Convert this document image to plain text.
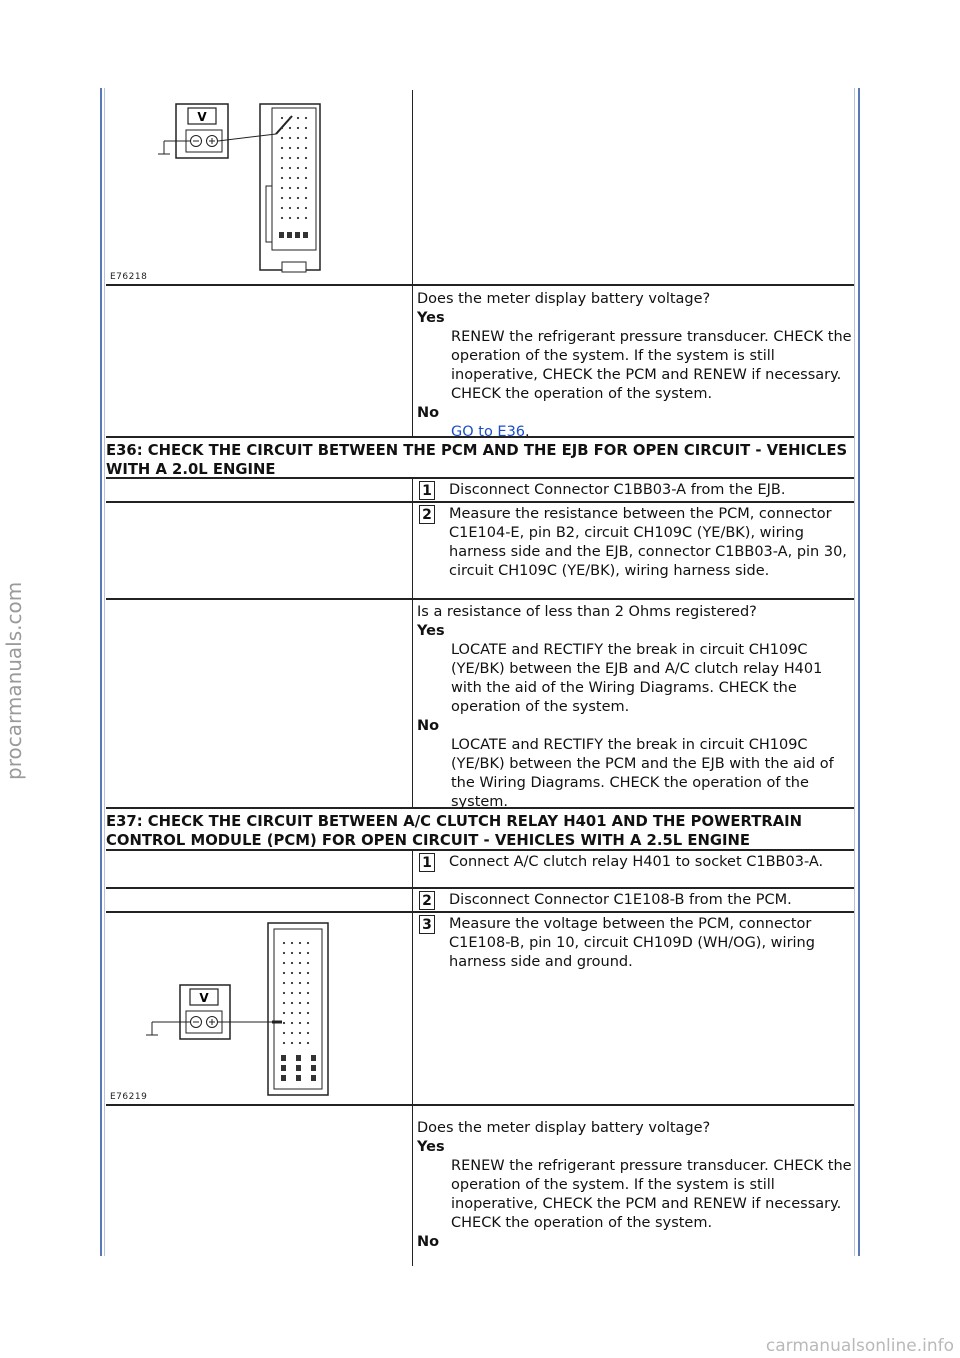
procarmanuals.com
carmanualsonline.info
V
E76218
Does the meter display battery voltage?
Yes
RENEW the refrigerant pressure transducer. CHECK the operation of the system. If the system is still inoperative, CHECK the PCM and RENEW if necessary. CHECK the operation of the system.
No
GO to E36.
E36: CHECK THE CIRCUIT BETWEEN THE PCM AND THE EJB FOR OPEN CIRCUIT - VEHICLES WITH A 2.0L ENGINE
1 Disconnect Connector C1BB03-A from the EJB.
2 Measure the resistance between the PCM, connector C1E104-E, pin B2, circuit CH109C (YE/BK), wiring harness side and the EJB, connector C1BB03-A, pin 30, circuit CH109C (YE/BK), wiring harness side.
Is a resistance of less than 2 Ohms registered?
Yes
LOCATE and RECTIFY the break in circuit CH109C (YE/BK) between the EJB and A/C clutch relay H401 with the aid of the Wiring Diagrams. CHECK the operation of the system.
No
LOCATE and RECTIFY the break in circuit CH109C (YE/BK) between the PCM and the EJB with the aid of the Wiring Diagrams. CHECK the operation of the system.
E37: CHECK THE CIRCUIT BETWEEN A/C CLUTCH RELAY H401 AND THE POWERTRAIN CONTROL MODULE (PCM) FOR OPEN CIRCUIT - VEHICLES WITH A 2.5L ENGINE
1 Connect A/C clutch relay H401 to socket C1BB03-A.
2 Disconnect Connector C1E108-B from the PCM.
V
E76219
3 Measure the voltage between the PCM, connector C1E108-B, pin 10, circuit CH109D (WH/OG), wiring harness side and ground.
Does the meter display battery voltage?
Yes
RENEW the refrigerant pressure transducer. CHECK the operation of the system. If the system is still inoperative, CHECK the PCM and RENEW if necessary. CHECK the operation of the system.
No
